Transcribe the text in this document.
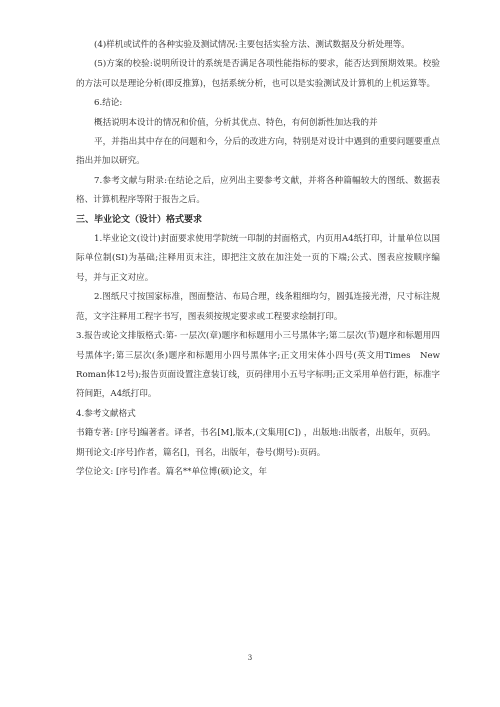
(4)样机或试件的各种实验及测试情况:主要包括实验方法、测试数据及分析处理等。

(5)方案的校验:说明所设计的系统是否满足各项性能指标的要求，能否达到预期效果。校验的方法可以是理论分析(即反推算)，包括系统分析，也可以是实验测试及计算机的上机运算等。

6.结论:

概括说明本设计的情况和价值，分析其优点、特色，有何创新性加达我的并

平，并指出其中存在的问题和今，分后的改进方向，特别是对设计中遇到的重要问题要重点指出并加以研究。

7.参考文献与附录:在结论之后，应列出主要参考文献，并将各种篇幅较大的图纸、数据表格、计算机程序等附于报告之后。

三、毕业论文（设计）格式要求

1.毕业论文(设计)封面要求使用学院统一印制的封面格式，内页用A4纸打印，计量单位以国际单位制(SI)为基础;注释用页末注，即把注文放在加注处一页的下端;公式、图表应按顺序编号，并与正文对应。

2.图纸尺寸按国家标准，图面整洁、布局合理，线条粗细均匀，圆弧连接光滑，尺寸标注规范，文字注释用工程字书写，图表须按规定要求或工程要求绘制打印。

3.报告或论文排版格式:第- 一层次(章)题序和标题用小三号黑体字;第二层次(节)题序和标题用四号黑体字;第三层次(条)题序和标题用小四号黑体字;正文用宋体小四号(英文用Times　New　Roman体12号);报告页面设置注意装订线，页码律用小五号字标明;正文采用单倍行距，标准字符间距，A4纸打印。

4.参考文献格式

书籍专著: [序号]编著者。译者，书名[M],版本,(文集用[C]) ，出版地:出版者，出版年，页码。

期刊论文:[序号]作者，篇名[]，刊名，出版年，卷号(期号):页码。

学位论文: [序号]作者。篇名**单位博(硕)论文，年

3
